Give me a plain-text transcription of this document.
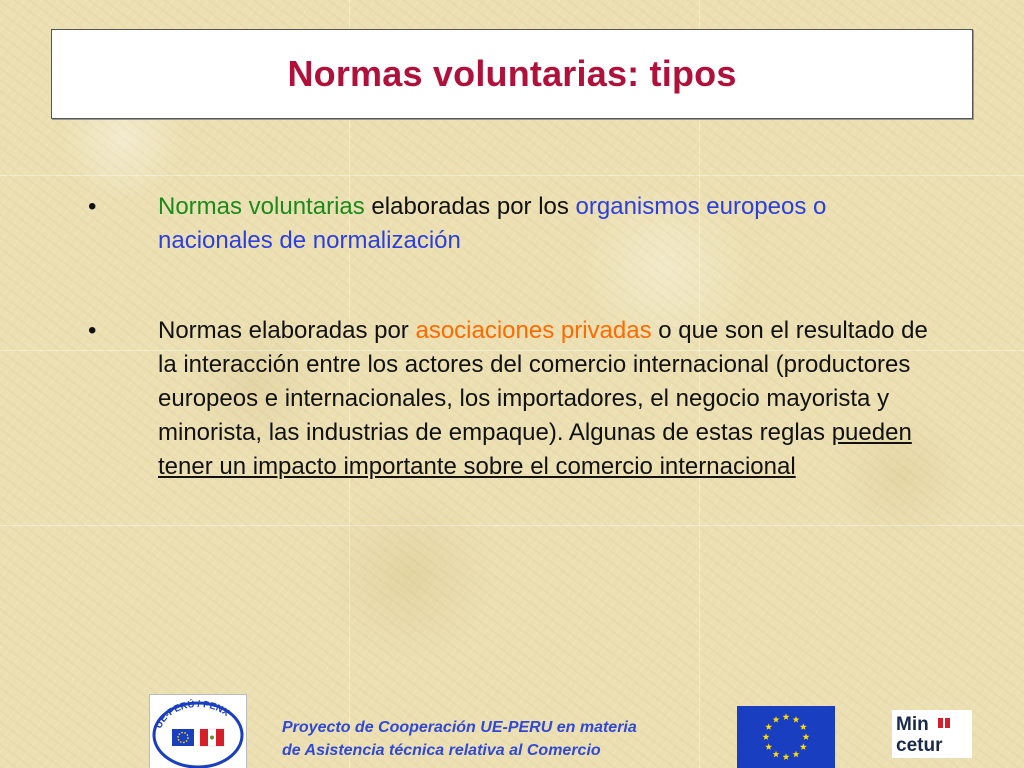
Normas voluntarias: tipos
•	Normas voluntarias elaboradas por los organismos europeos o nacionales de normalización
•	Normas elaboradas por asociaciones privadas o que son el resultado de la interacción entre los actores del comercio internacional (productores europeos e internacionales, los importadores, el negocio mayorista y minorista, las industrias de empaque). Algunas de estas reglas pueden tener un impacto importante sobre el comercio internacional
UE-PERÚ / PENX
Proyecto de Cooperación UE-PERU en materia
de Asistencia técnica relativa al Comercio
Min
cetur
